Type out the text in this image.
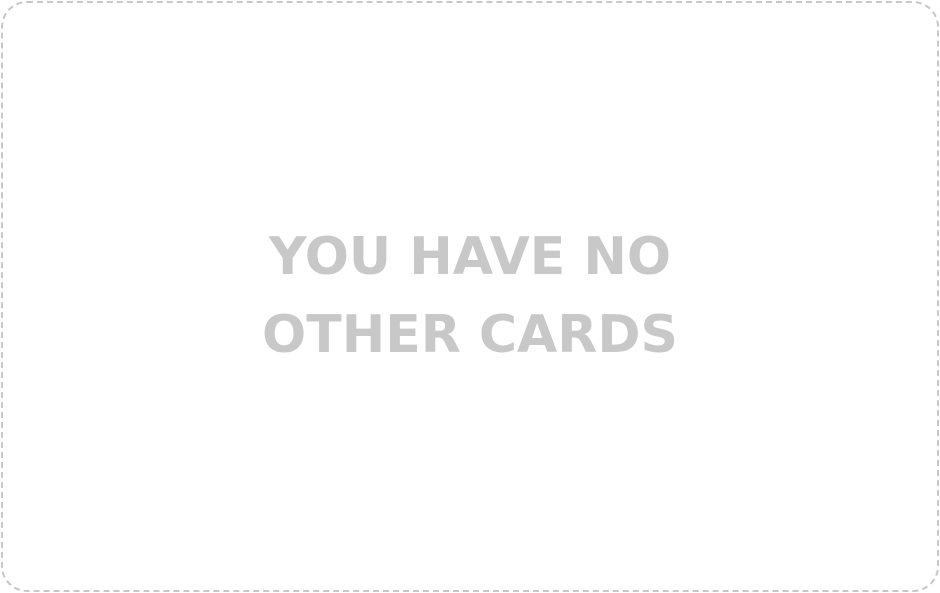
YOU HAVE NO
OTHER CARDS
